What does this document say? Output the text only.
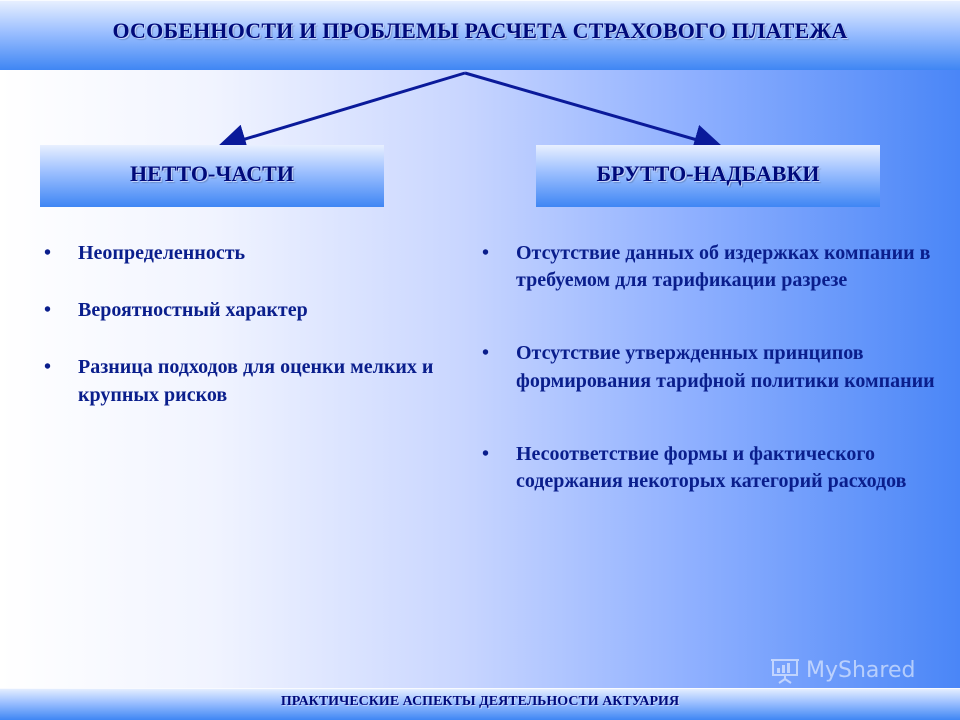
ОСОБЕННОСТИ И ПРОБЛЕМЫ РАСЧЕТА СТРАХОВОГО ПЛАТЕЖА
НЕТТО-ЧАСТИ	БРУТТО-НАДБАВКИ
• Неопределенность
• Вероятностный характер
• Разница подходов для оценки мелких и крупных рисков
• Отсутствие данных об издержках компании в требуемом для тарификации разрезе
• Отсутствие утвержденных принципов формирования тарифной политики компании
• Несоответствие формы и фактического содержания некоторых категорий расходов
MyShared
ПРАКТИЧЕСКИЕ АСПЕКТЫ ДЕЯТЕЛЬНОСТИ АКТУАРИЯ
